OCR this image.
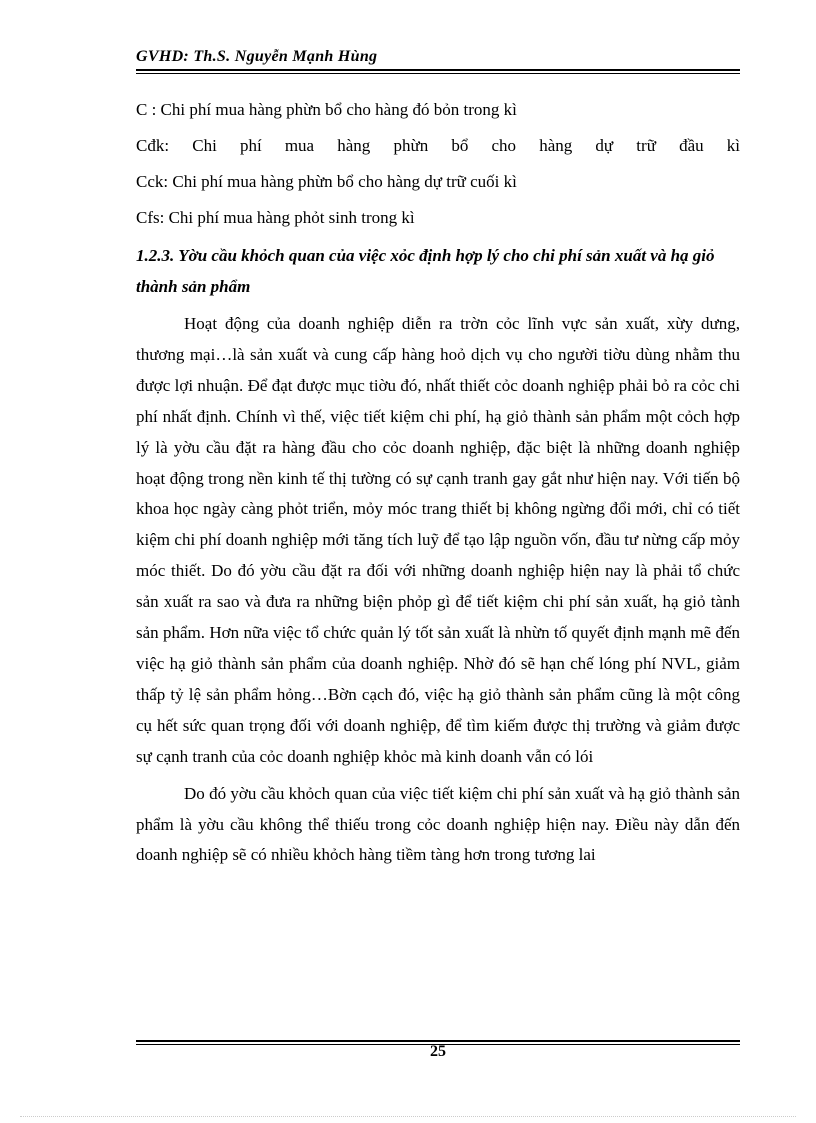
GVHD: Th.S. Nguyễn Mạnh Hùng

C : Chi phí mua hàng phừn bổ cho hàng đó bỏn trong kì

Cđk: Chi phí mua hàng phừn bổ cho hàng dự trữ đầu kì

Cck: Chi phí mua hàng phừn bổ cho hàng dự trữ cuối kì

Cfs: Chi phí mua hàng phỏt sinh trong kì

1.2.3. Yờu cầu khỏch quan của việc xỏc định hợp lý cho chi phí sản xuất và hạ giỏ thành sản phẩm

Hoạt động của doanh nghiệp diễn ra trờn cỏc lĩnh vực sản xuất, xừy dưng, thương mại…là sản xuất và cung cấp hàng hoỏ dịch vụ cho người tiờu dùng nhằm thu được lợi nhuận. Để đạt được mục tiờu đó, nhất thiết cỏc doanh nghiệp phải bỏ ra cỏc chi phí nhất định. Chính vì thế, việc tiết kiệm chi phí, hạ giỏ thành sản phẩm một cỏch hợp lý là yờu cầu đặt ra hàng đầu cho cỏc doanh nghiệp, đặc biệt là những doanh nghiệp hoạt động trong nền kinh tế thị tường có sự cạnh tranh gay gắt như hiện nay. Với tiến bộ khoa học ngày càng phỏt triển, mỏy móc trang thiết bị không ngừng đổi mới, chỉ có tiết kiệm chi phí doanh nghiệp mới tăng tích luỹ để tạo lập nguồn vốn, đầu tư nừng cấp mỏy móc thiết. Do đó yờu cầu đặt ra đối với những doanh nghiệp hiện nay là phải tổ chức sản xuất ra sao và đưa ra những biện phỏp gì để tiết kiệm chi phí sản xuất, hạ giỏ tành sản phẩm. Hơn nữa việc tổ chức quản lý tốt sản xuất là nhừn tố quyết định mạnh mẽ đến việc hạ giỏ thành sản phẩm của doanh nghiệp. Nhờ đó sẽ hạn chế lóng phí NVL, giảm thấp tỷ lệ sản phẩm hỏng…Bờn cạch đó, việc hạ giỏ thành sản phẩm cũng là một công cụ hết sức quan trọng đối với doanh nghiệp, để tìm kiếm được thị trường và giảm được sự cạnh tranh của cỏc doanh nghiệp khỏc mà kinh doanh vẫn có lói

Do đó yờu cầu khỏch quan của việc tiết kiệm chi phí sản xuất và hạ giỏ thành sản phẩm là yờu cầu không thể thiếu trong cỏc doanh nghiệp hiện nay. Điều này dẫn đến doanh nghiệp sẽ có nhiều khỏch hàng tiềm tàng hơn trong tương lai

25
